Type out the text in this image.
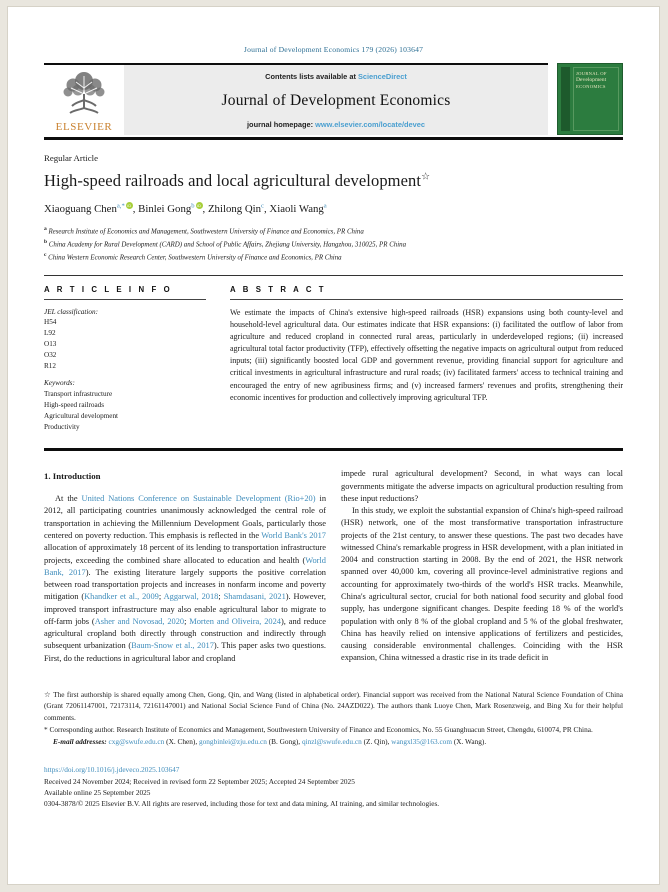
Journal of Development Economics 179 (2026) 103647
ELSEVIER
Contents lists available at ScienceDirect
Journal of Development Economics
journal homepage: www.elsevier.com/locate/devec
JOURNAL OF
Development
ECONOMICS
Regular Article
High-speed railroads and local agricultural development☆
Xiaoguang Chen$^{a,*}$ iD , Binlei Gong$^b$ iD , Zhilong Qin$^c$, Xiaoli Wang$^a$
$^a$ Research Institute of Economics and Management, Southwestern University of Finance and Economics, PR China
$^b$ China Academy for Rural Development (CARD) and School of Public Affairs, Zhejiang University, Hangzhou, 310025, PR China
$^c$ China Western Economic Research Center, Southwestern University of Finance and Economics, PR China
A R T I C L E I N F O
JEL classification:
H54
L92
O13
O32
R12
Keywords:
Transport infrastructure
High-speed railroads
Agricultural development
Productivity
A B S T R A C T
We estimate the impacts of China's extensive high-speed railroads (HSR) expansions using both county-level and household-level agricultural data. Our estimates indicate that HSR expansions: (i) facilitated the outflow of labor from agriculture and reduced cropland in connected rural areas, particularly in underdeveloped regions; (ii) increased agricultural total factor productivity (TFP), effectively offsetting the negative impacts on agricultural output from reduced inputs; (iii) significantly boosted local GDP and government revenue, providing financial support for agriculture and critical investments in agricultural infrastructure and rural roads; (iv) facilitated farmers' access to technical training and encouraged the entry of new agribusiness firms; and (v) increased farmers' revenues and profits, strengthening their economic incentives for production and collectively improving agricultural TFP.
1. Introduction

At the United Nations Conference on Sustainable Development (Rio+20) in 2012, all participating countries unanimously acknowledged the central role of transportation in achieving the Millennium Development Goals, particularly those centered on poverty reduction. This emphasis is reflected in the World Bank's 2017 allocation of approximately 18 percent of its lending to transportation infrastructure projects, exceeding the combined share allocated to education and health (World Bank, 2017). The existing literature largely supports the positive correlation between road transportation projects and increases in nonfarm income and poverty mitigation (Khandker et al., 2009; Aggarwal, 2018; Shamdasani, 2021). However, improved transport infrastructure may also enable agricultural labor to migrate to off-farm jobs (Asher and Novosad, 2020; Morten and Oliveira, 2024), and reduce agricultural cropland both directly through construction and indirectly through subsequent urbanization (Baum-Snow et al., 2017). This paper asks two questions. First, do the reductions in agricultural labor and cropland

impede rural agricultural development? Second, in what ways can local governments mitigate the adverse impacts on agricultural production resulting from these input reductions?

In this study, we exploit the substantial expansion of China's high-speed railroad (HSR) network, one of the most transformative transportation infrastructure projects of the 21st century, to answer these questions. The past two decades have witnessed China's remarkable progress in HSR development, with a plan initiated in 2004 and construction starting in 2008. By the end of 2021, the HSR network spanned over 40,000 km, covering all province-level administrative regions and accounting for approximately two-thirds of the world's HSR tracks. Meanwhile, China's agricultural sector, crucial for both national food security and global food supply, has undergone significant changes. Despite feeding 18 % of the world's population with only 8 % of the global cropland and 5 % of the global freshwater, China has heavily relied on intensive applications of fertilizers and pesticides, causing considerable environmental challenges. Coinciding with the HSR expansion, China witnessed a drastic rise in its trade deficit in

☆ The first authorship is shared equally among Chen, Gong, Qin, and Wang (listed in alphabetical order). Financial support was received from the National Natural Science Foundation of China (Grant 72061147001, 72173114, 72161147001) and National Social Science Fund of China (No. 24AZD022). The authors thank Luoye Chen, Mark Rosenzweig, and Bing Xu for their helpful comments.

* Corresponding author. Research Institute of Economics and Management, Southwestern University of Finance and Economics, No. 55 Guanghuacun Street, Chengdu, 610074, PR China.

E-mail addresses: cxg@swufe.edu.cn (X. Chen), gongbinlei@zju.edu.cn (B. Gong), qinzl@swufe.edu.cn (Z. Qin), wangxl35@163.com (X. Wang).

https://doi.org/10.1016/j.jdeveco.2025.103647

Received 24 November 2024; Received in revised form 22 September 2025; Accepted 24 September 2025

Available online 25 September 2025

0304-3878/© 2025 Elsevier B.V. All rights are reserved, including those for text and data mining, AI training, and similar technologies.
